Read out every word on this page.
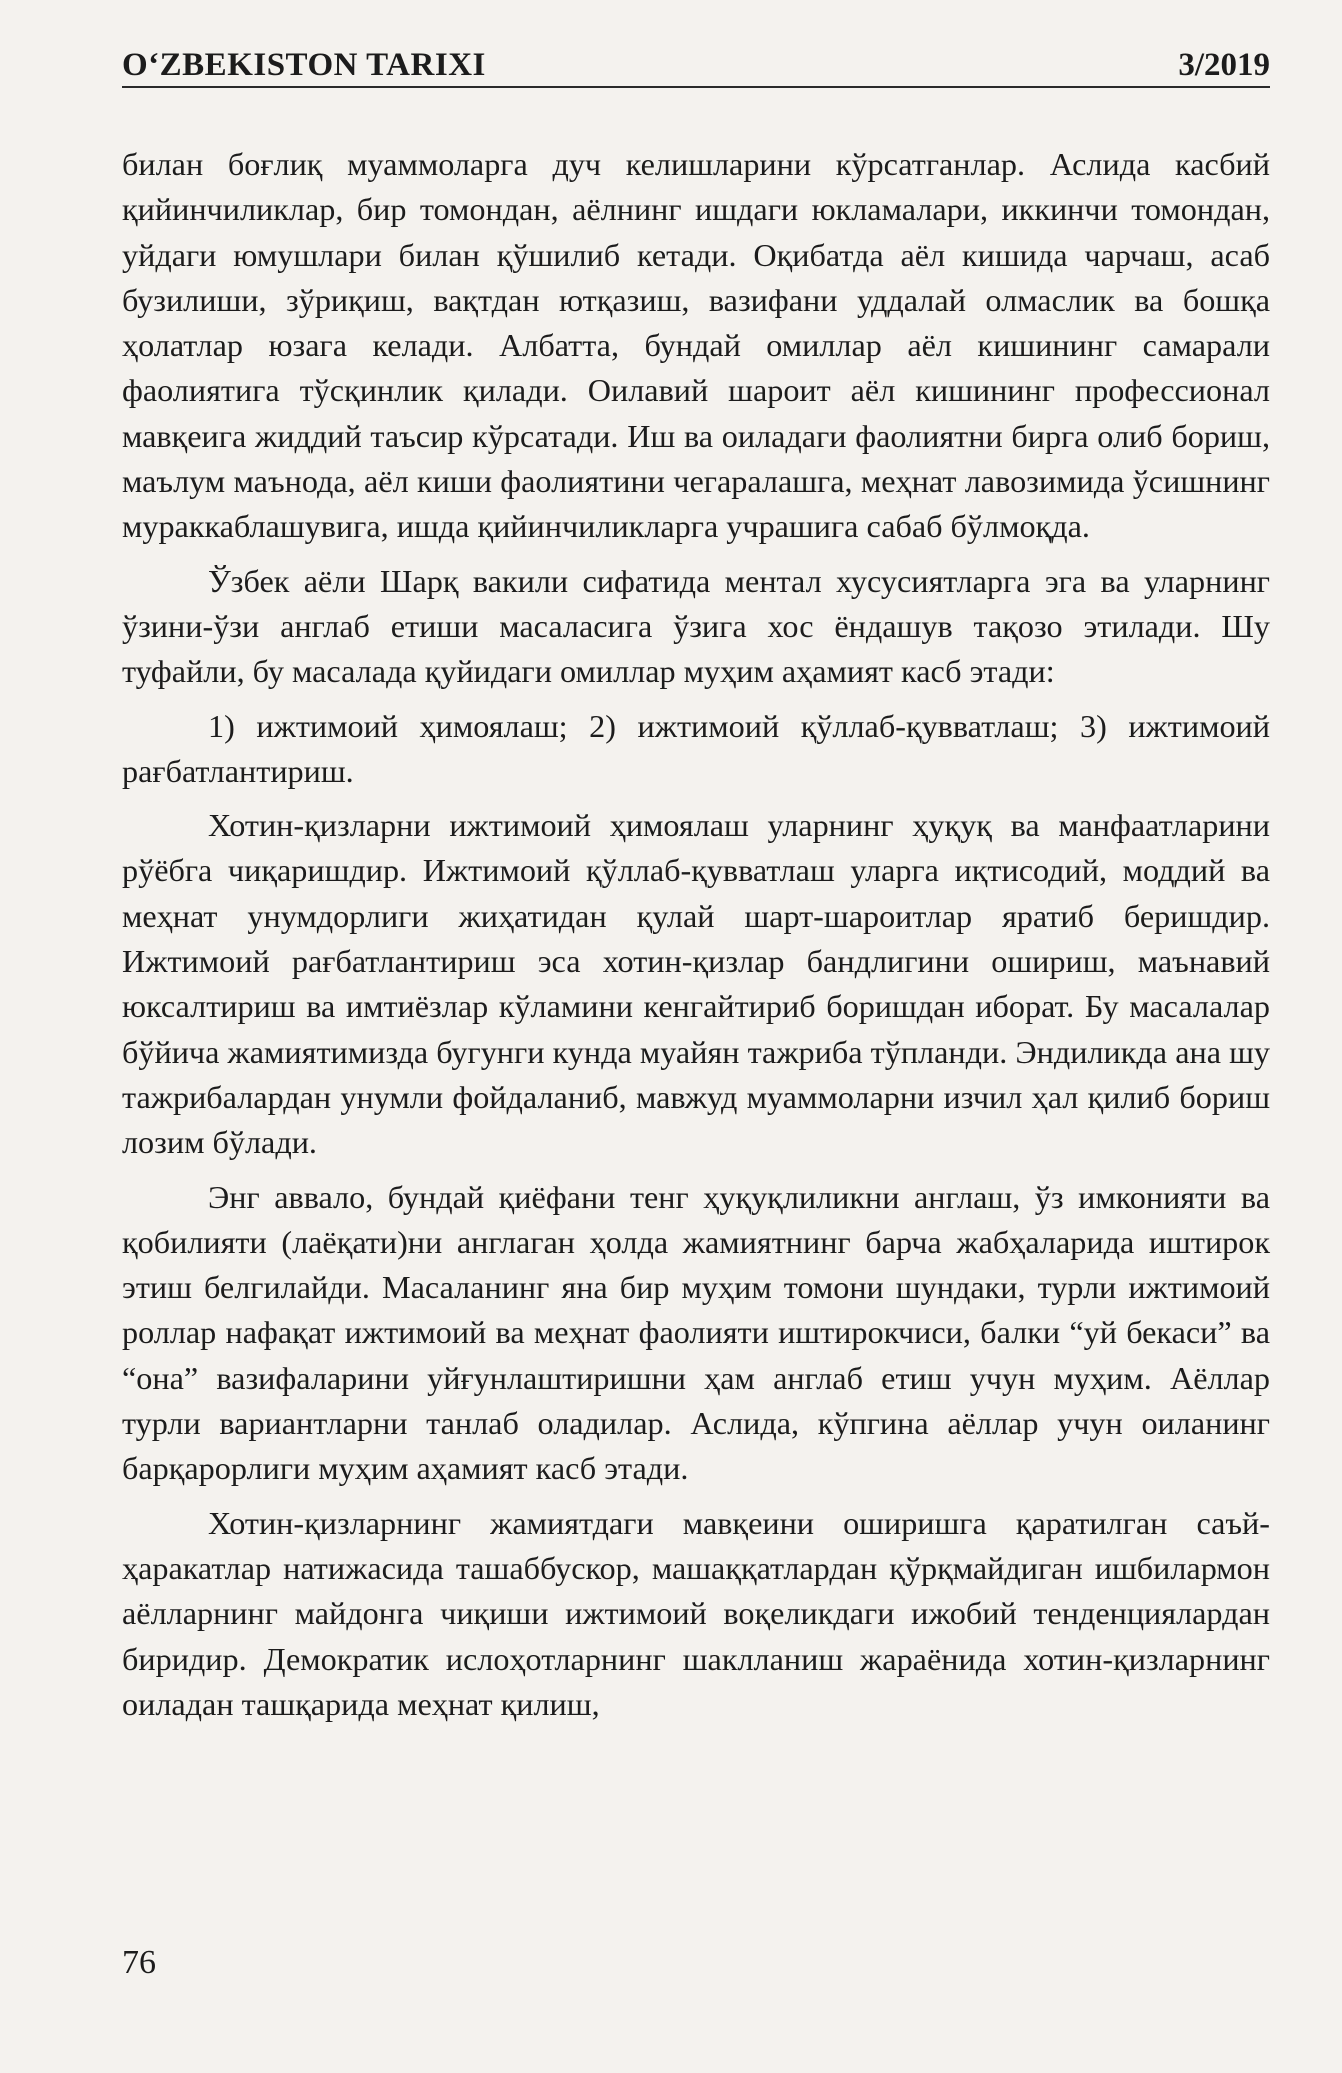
O‘ZBEKISTON TARIXI	3/2019

билан боғлиқ муаммоларга дуч келишларини кўрсатганлар. Аслида касбий қийинчиликлар, бир томондан, аёлнинг ишдаги юкламалари, иккинчи томондан, уйдаги юмушлари билан қўшилиб кетади. Оқибатда аёл кишида чарчаш, асаб бузилиши, зўриқиш, вақтдан ютқазиш, вазифани уддалай олмаслик ва бошқа ҳолатлар юзага келади. Албатта, бундай омиллар аёл кишининг самарали фаолиятига тўсқинлик қилади. Оилавий шароит аёл кишининг профессионал мавқеига жиддий таъсир кўрсатади. Иш ва оиладаги фаолиятни бирга олиб бориш, маълум маънода, аёл киши фаолиятини чегаралашга, меҳнат лавозимида ўсишнинг мураккаблашувига, ишда қийинчиликларга учрашига сабаб бўлмоқда.

Ўзбек аёли Шарқ вакили сифатида ментал хусусиятларга эга ва уларнинг ўзини-ўзи англаб етиши масаласига ўзига хос ёндашув тақозо этилади. Шу туфайли, бу масалада қуйидаги омиллар муҳим аҳамият касб этади:

1) ижтимоий ҳимоялаш; 2) ижтимоий қўллаб-қувватлаш; 3) ижтимоий рағбатлантириш.

Хотин-қизларни ижтимоий ҳимоялаш уларнинг ҳуқуқ ва манфаатларини рўёбга чиқаришдир. Ижтимоий қўллаб-қувватлаш уларга иқтисодий, моддий ва меҳнат унумдорлиги жиҳатидан қулай шарт-шароитлар яратиб беришдир. Ижтимоий рағбатлантириш эса хотин-қизлар бандлигини ошириш, маънавий юксалтириш ва имтиёзлар кўламини кенгайтириб боришдан иборат. Бу масалалар бўйича жамиятимизда бугунги кунда муайян тажриба тўпланди. Эндиликда ана шу тажрибалардан унумли фойдаланиб, мавжуд муаммоларни изчил ҳал қилиб бориш лозим бўлади.

Энг аввало, бундай қиёфани тенг ҳуқуқлиликни англаш, ўз имконияти ва қобилияти (лаёқати)ни англаган ҳолда жамиятнинг барча жабҳаларида иштирок этиш белгилайди. Масаланинг яна бир муҳим томони шундаки, турли ижтимоий роллар нафақат ижтимоий ва меҳнат фаолияти иштирокчиси, балки “уй бекаси” ва “она” вазифаларини уйғунлаштиришни ҳам англаб етиш учун муҳим. Аёллар турли вариантларни танлаб оладилар. Аслида, кўпгина аёллар учун оиланинг барқарорлиги муҳим аҳамият касб этади.

Хотин-қизларнинг жамиятдаги мавқеини оширишга қаратилган саъй-ҳаракатлар натижасида ташаббускор, машаққатлардан қўрқмайдиган ишбилармон аёлларнинг майдонга чиқиши ижтимоий воқеликдаги ижобий тенденциялардан биридир. Демократик ислоҳотларнинг шаклланиш жараёнида хотин-қизларнинг оиладан ташқарида меҳнат қилиш,

76
